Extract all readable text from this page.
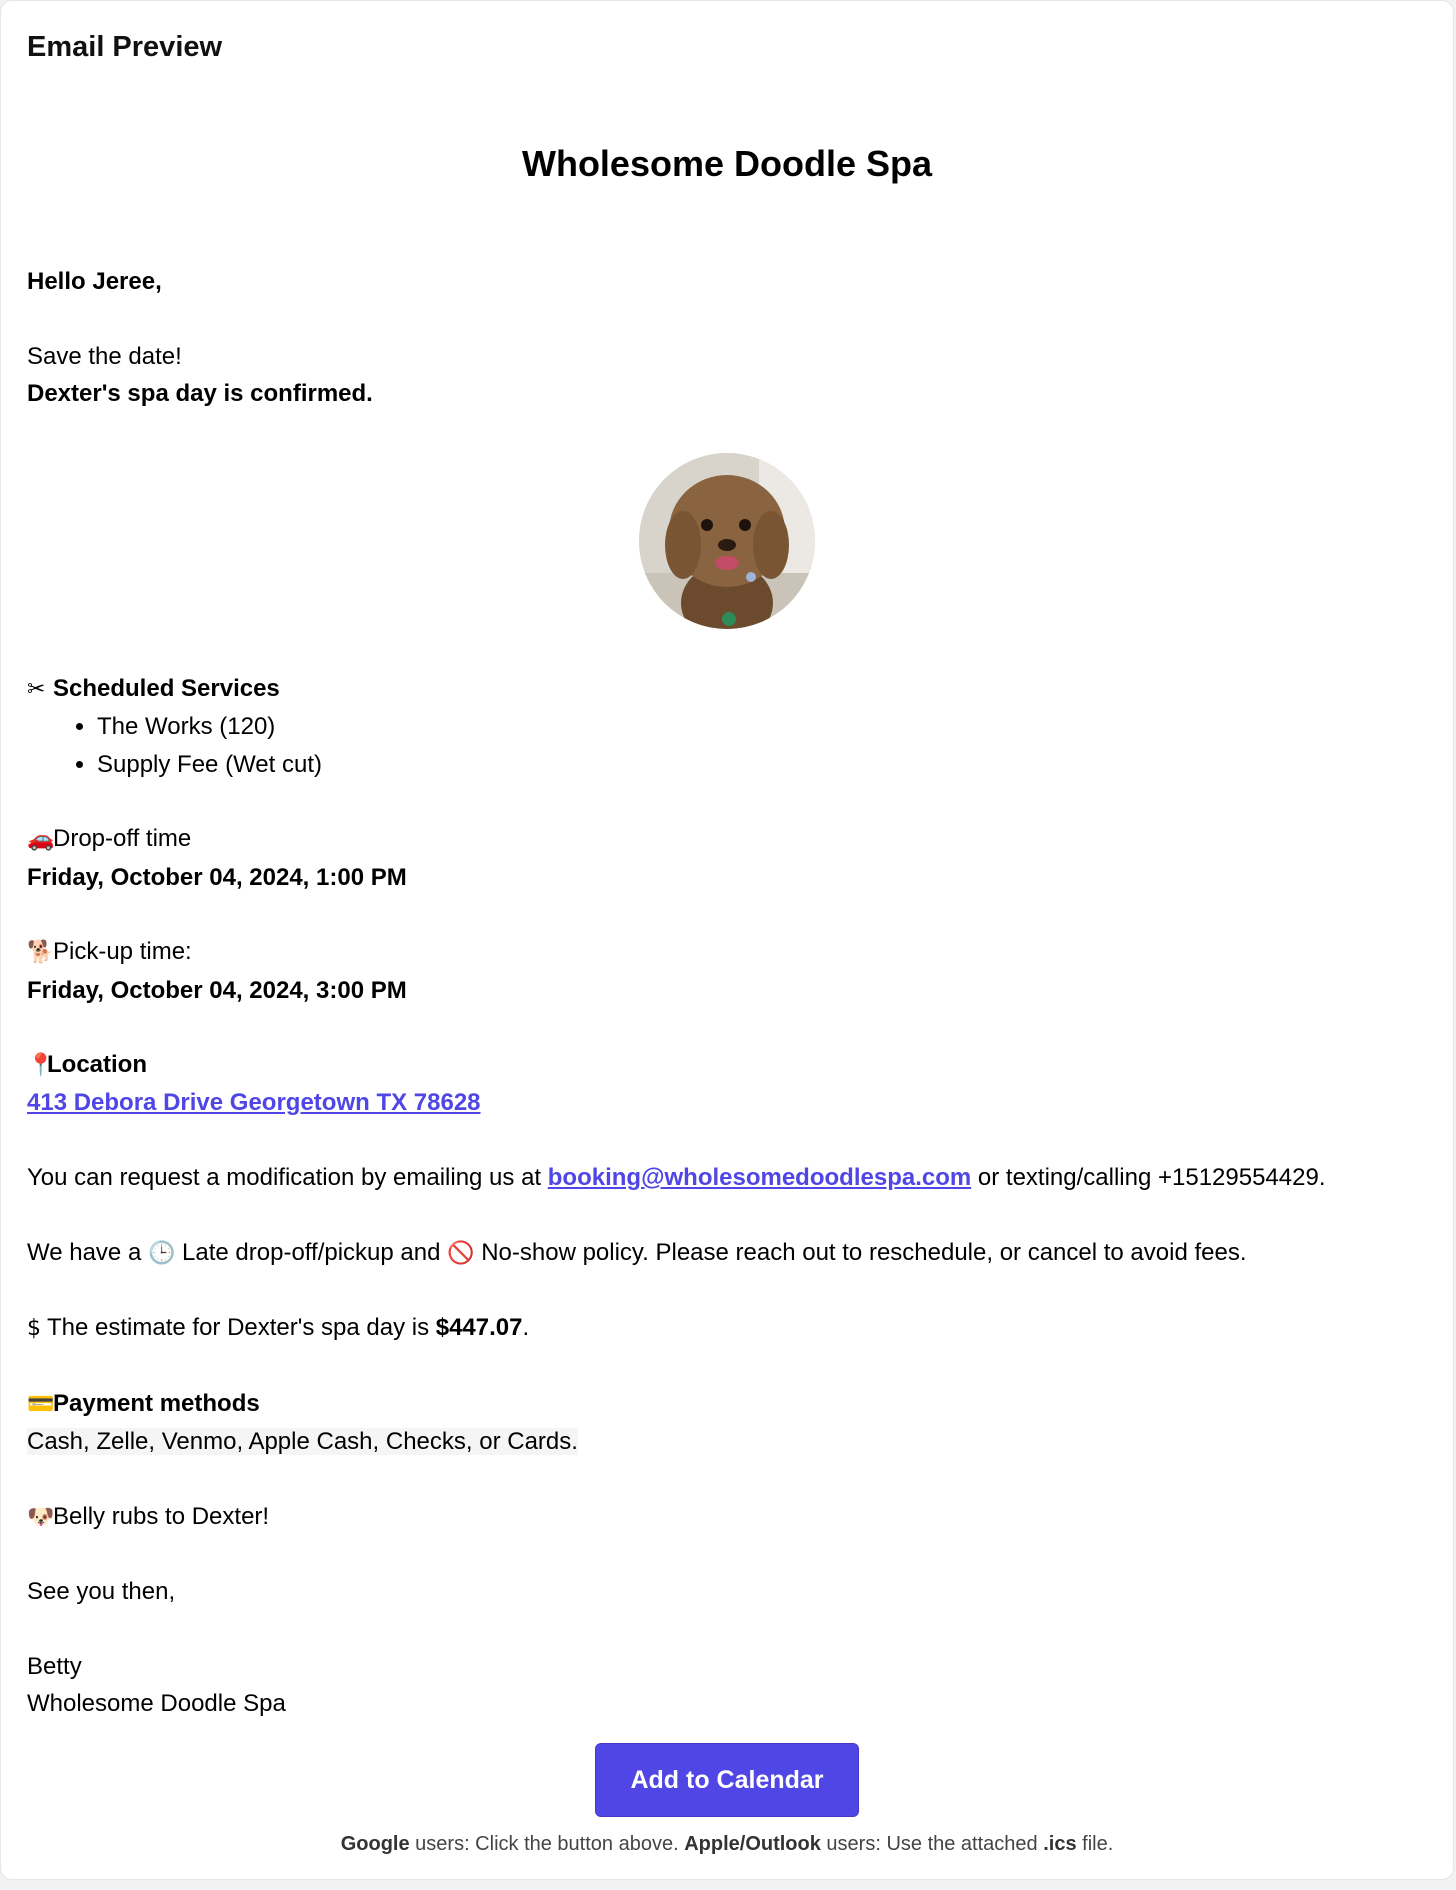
Email Preview
Wholesome Doodle Spa

Hello Jeree,

Save the date!

Dexter's spa day is confirmed.

✂ Scheduled Services

• The Works (120)
• Supply Fee (Wet cut)

🚗Drop-off time

Friday, October 04, 2024, 1:00 PM

🐕Pick-up time:

Friday, October 04, 2024, 3:00 PM

📍Location

413 Debora Drive Georgetown TX 78628

You can request a modification by emailing us at booking@wholesomedoodlespa.com or texting/calling +15129554429.

We have a 🕒 Late drop-off/pickup and 🚫 No-show policy. Please reach out to reschedule, or cancel to avoid fees.

$ The estimate for Dexter's spa day is $447.07.

💳Payment methods

Cash, Zelle, Venmo, Apple Cash, Checks, or Cards.

🐶Belly rubs to Dexter!

See you then,

Betty

Wholesome Doodle Spa

Add to Calendar
Google users: Click the button above. Apple/Outlook users: Use the attached .ics file.
